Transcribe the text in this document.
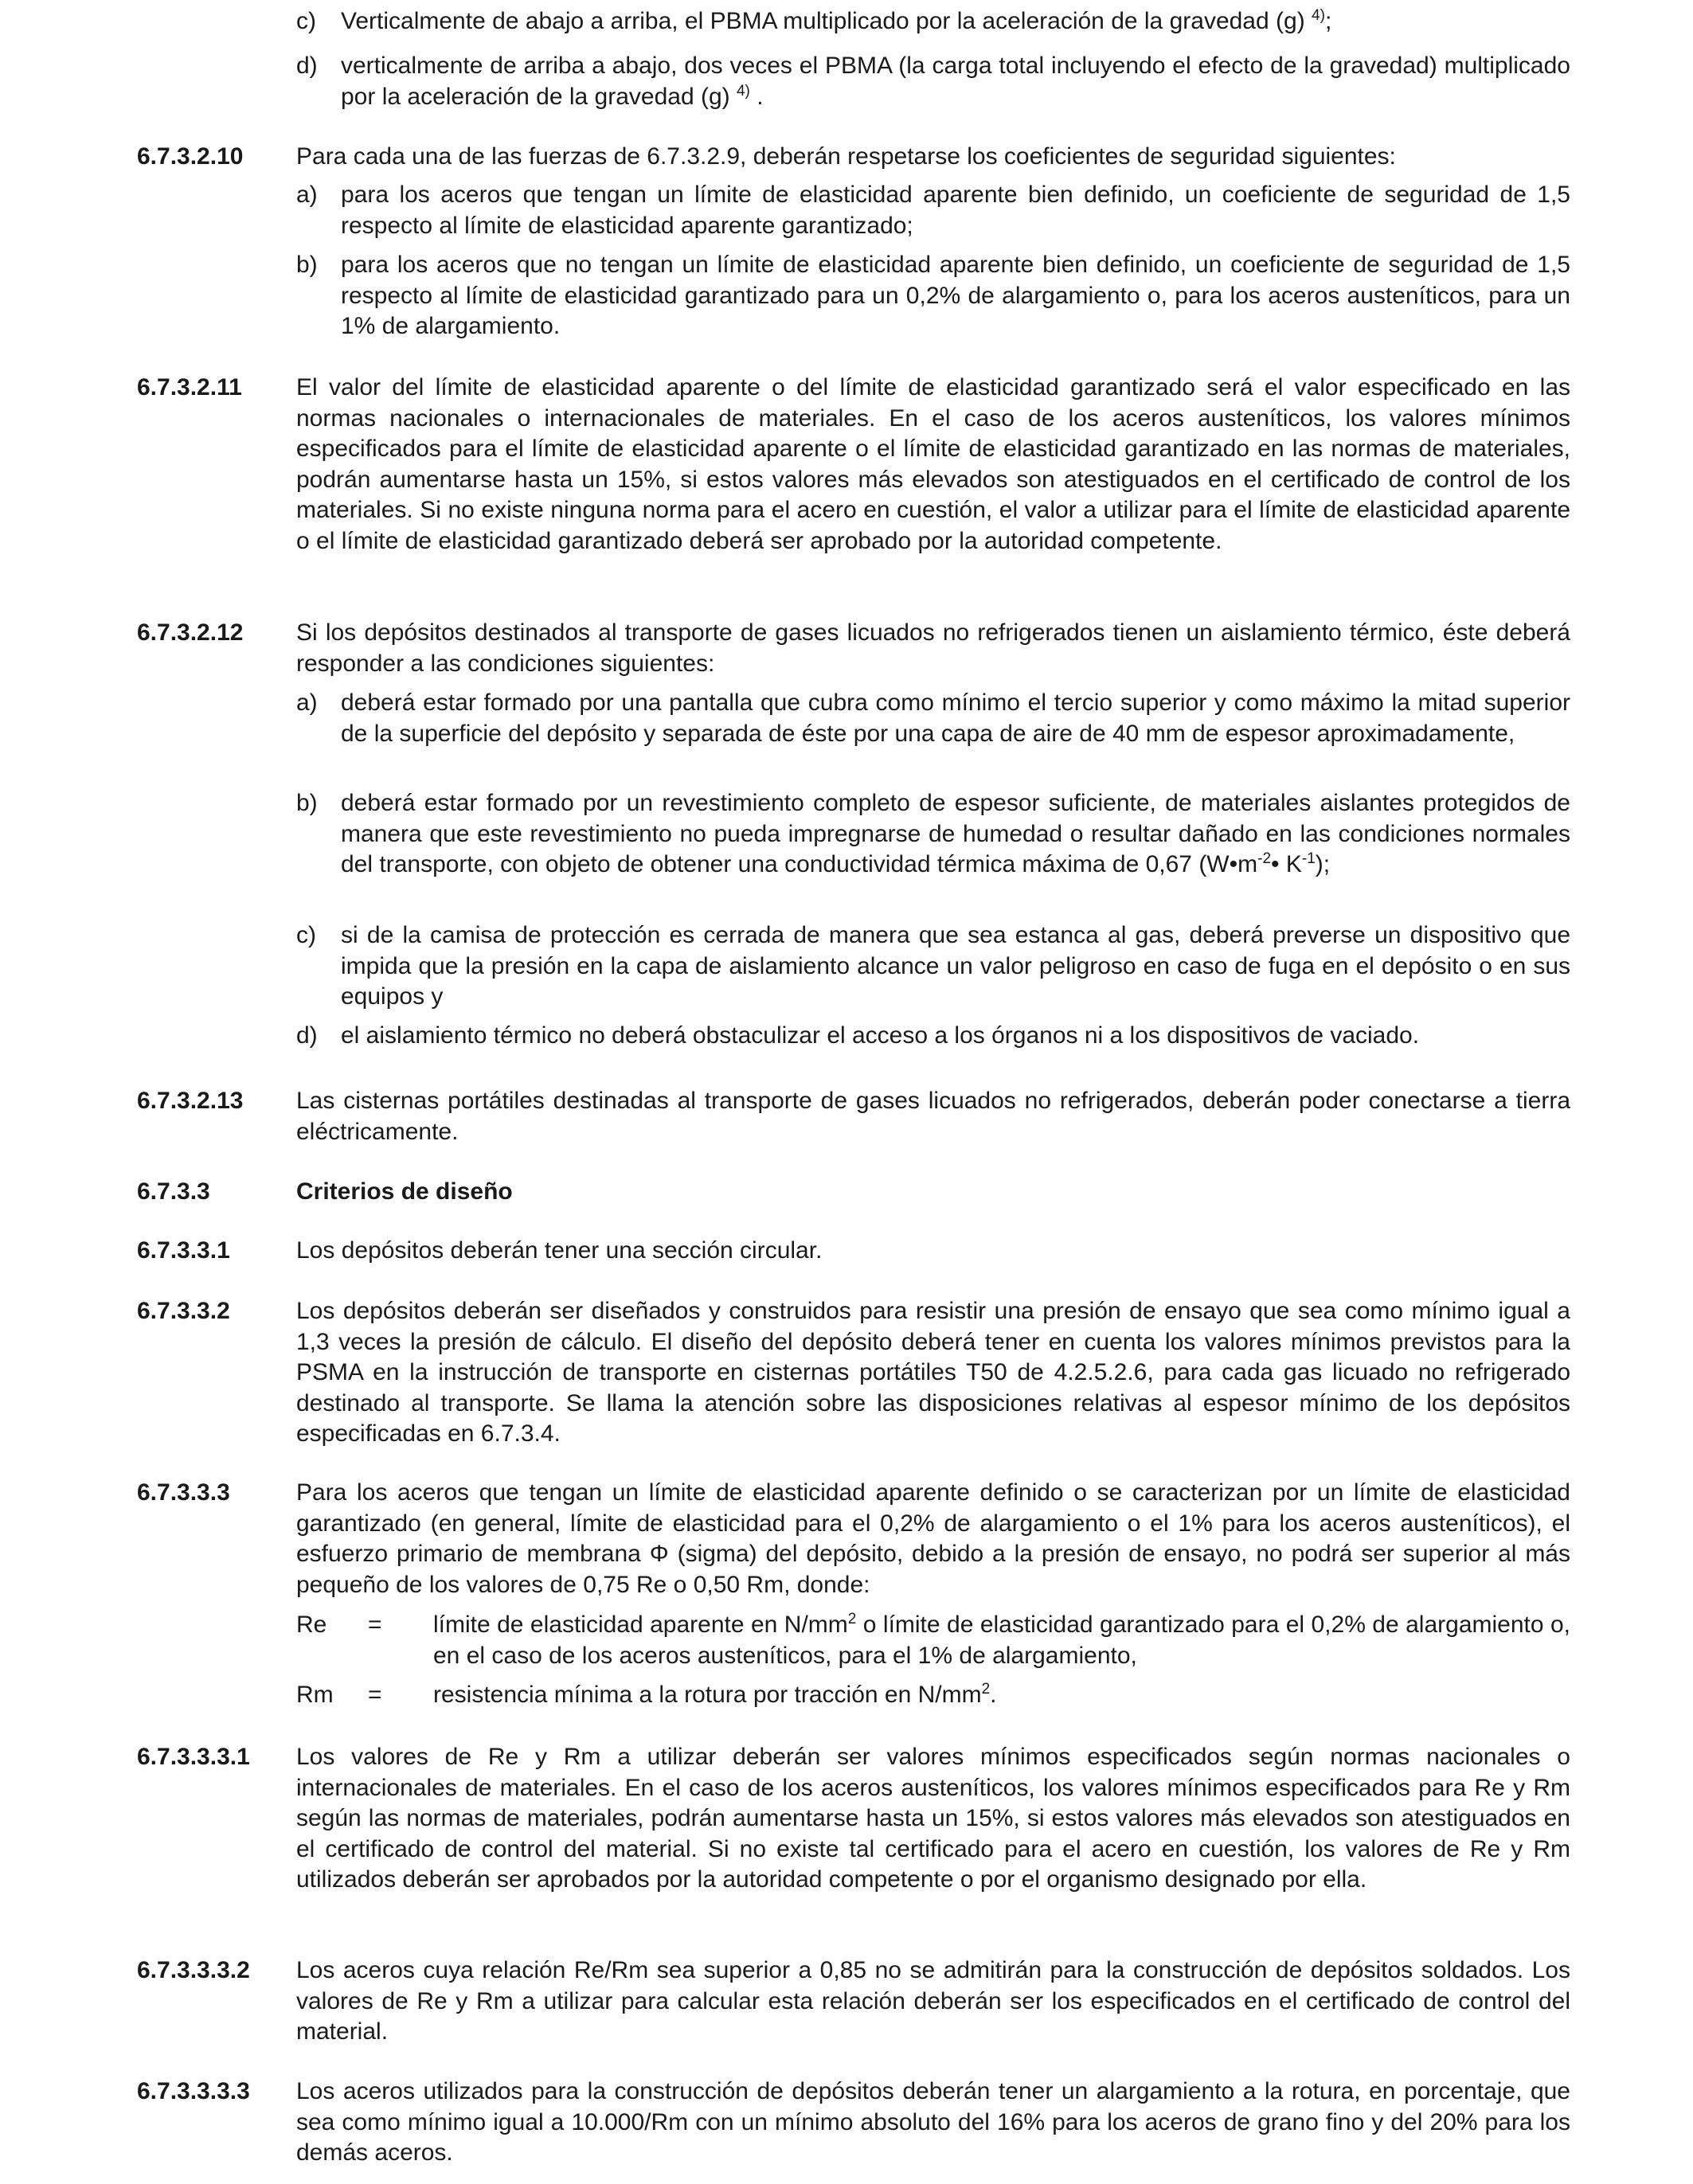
c)	Verticalmente de abajo a arriba, el PBMA multiplicado por la aceleración de la gravedad (g) $^{4)}$;
d) verticalmente de arriba a abajo, dos veces el PBMA (la carga total incluyendo el efecto de la gravedad) multiplicado por la aceleración de la gravedad (g) $^{4)}$ .
6.7.3.2.10	Para cada una de las fuerzas de 6.7.3.2.9, deberán respetarse los coeficientes de seguridad siguientes:
a) para los aceros que tengan un límite de elasticidad aparente bien definido, un coeficiente de seguridad de 1,5 respecto al límite de elasticidad aparente garantizado;
b) para los aceros que no tengan un límite de elasticidad aparente bien definido, un coeficiente de seguridad de 1,5 respecto al límite de elasticidad garantizado para un 0,2% de alargamiento o, para los aceros austeníticos, para un 1% de alargamiento.
6.7.3.2.11	El valor del límite de elasticidad aparente o del límite de elasticidad garantizado será el valor especificado en las normas nacionales o internacionales de materiales. En el caso de los aceros austeníticos, los valores mínimos especificados para el límite de elasticidad aparente o el límite de elasticidad garantizado en las normas de materiales, podrán aumentarse hasta un 15%, si estos valores más elevados son atestiguados en el certificado de control de los materiales. Si no existe ninguna norma para el acero en cuestión, el valor a utilizar para el límite de elasticidad aparente o el límite de elasticidad garantizado deberá ser aprobado por la autoridad competente.
6.7.3.2.12	Si los depósitos destinados al transporte de gases licuados no refrigerados tienen un aislamiento térmico, éste deberá responder a las condiciones siguientes:
a) deberá estar formado por una pantalla que cubra como mínimo el tercio superior y como máximo la mitad superior de la superficie del depósito y separada de éste por una capa de aire de 40 mm de espesor aproximadamente,
b) deberá estar formado por un revestimiento completo de espesor suficiente, de materiales aislantes protegidos de manera que este revestimiento no pueda impregnarse de humedad o resultar dañado en las condiciones normales del transporte, con objeto de obtener una conductividad térmica máxima de 0,67 ($W•m^{-2}•$ $K^{-1}$);
c)	si de la camisa de protección es cerrada de manera que sea estanca al gas, deberá preverse un dispositivo que impida que la presión en la capa de aislamiento alcance un valor peligroso en caso de fuga en el depósito o en sus equipos y
d) el aislamiento térmico no deberá obstaculizar el acceso a los órganos ni a los dispositivos de vaciado.
6.7.3.2.13	Las cisternas portátiles destinadas al transporte de gases licuados no refrigerados, deberán poder conectarse a tierra eléctricamente.
6.7.3.3	Criterios de diseño
6.7.3.3.1	Los depósitos deberán tener una sección circular.
6.7.3.3.2	Los depósitos deberán ser diseñados y construidos para resistir una presión de ensayo que sea como mínimo igual a 1,3 veces la presión de cálculo. El diseño del depósito deberá tener en cuenta los valores mínimos previstos para la PSMA en la instrucción de transporte en cisternas portátiles T50 de 4.2.5.2.6, para cada gas licuado no refrigerado destinado al transporte. Se llama la atención sobre las disposiciones relativas al espesor mínimo de los depósitos especificadas en 6.7.3.4.
6.7.3.3.3	Para los aceros que tengan un límite de elasticidad aparente definido o se caracterizan por un límite de elasticidad garantizado (en general, límite de elasticidad para el 0,2% de alargamiento o el 1% para los aceros austeníticos), el esfuerzo primario de membrana Φ (sigma) del depósito, debido a la presión de ensayo, no podrá ser superior al más pequeño de los valores de 0,75 Re o 0,50 Rm, donde:
Re	=	límite de elasticidad aparente en $N/mm^2$ o límite de elasticidad garantizado para el 0,2% de alargamiento o, en el caso de los aceros austeníticos, para el 1% de alargamiento,
Rm	=	resistencia mínima a la rotura por tracción en $N/mm^2$.
6.7.3.3.3.1	Los valores de Re y Rm a utilizar deberán ser valores mínimos especificados según normas nacionales o internacionales de materiales. En el caso de los aceros austeníticos, los valores mínimos especificados para Re y Rm según las normas de materiales, podrán aumentarse hasta un 15%, si estos valores más elevados son atestiguados en el certificado de control del material. Si no existe tal certificado para el acero en cuestión, los valores de Re y Rm utilizados deberán ser aprobados por la autoridad competente o por el organismo designado por ella.
6.7.3.3.3.2	Los aceros cuya relación Re/Rm sea superior a 0,85 no se admitirán para la construcción de depósitos soldados. Los valores de Re y Rm a utilizar para calcular esta relación deberán ser los especificados en el certificado de control del material.
6.7.3.3.3.3	Los aceros utilizados para la construcción de depósitos deberán tener un alargamiento a la rotura, en porcentaje, que sea como mínimo igual a 10.000/Rm con un mínimo absoluto del 16% para los aceros de grano fino y del 20% para los demás aceros.
